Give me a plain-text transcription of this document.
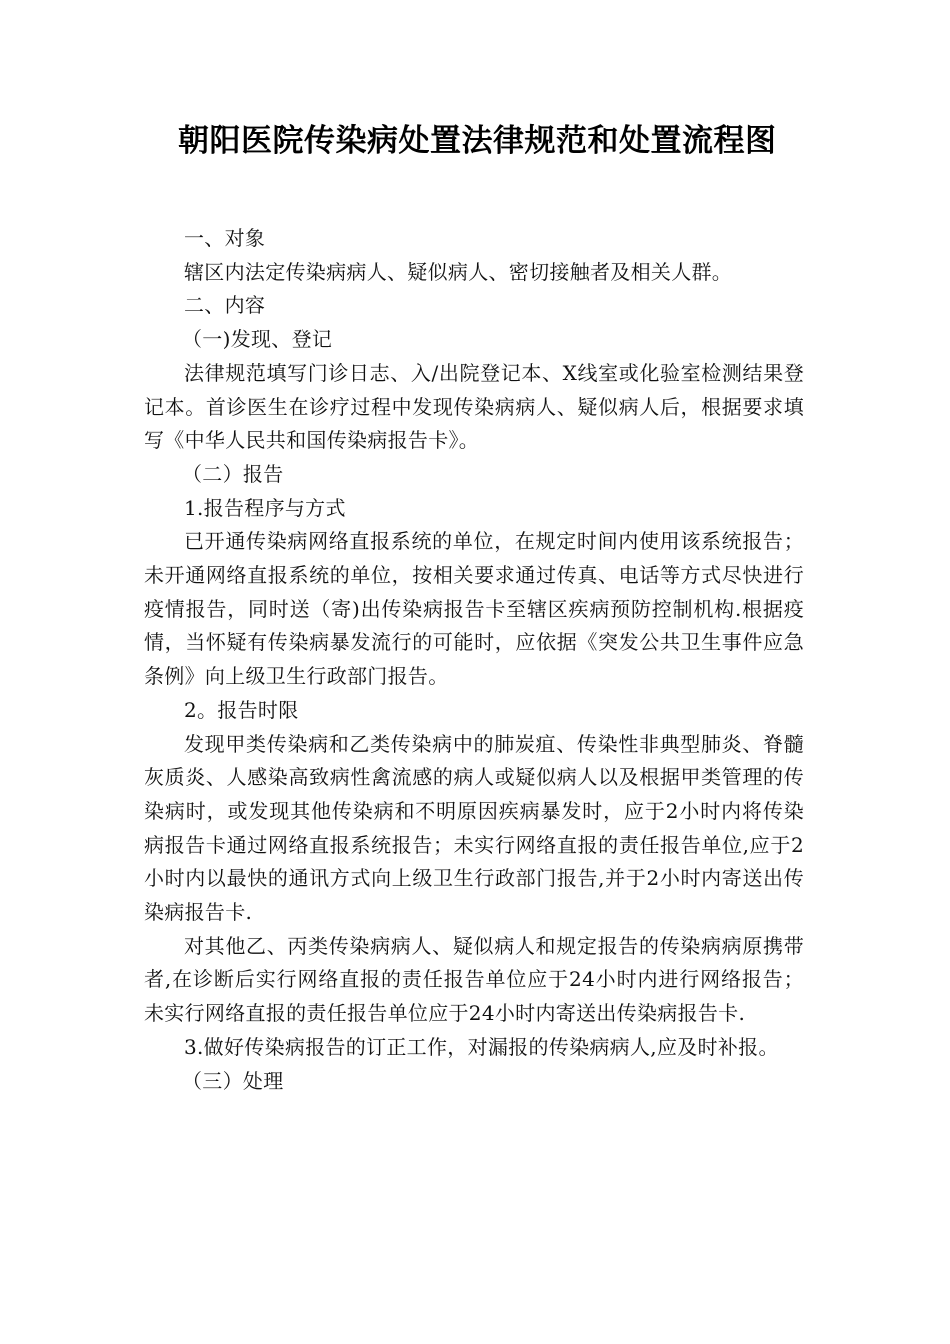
朝阳医院传染病处置法律规范和处置流程图

一、对象

辖区内法定传染病病人、疑似病人、密切接触者及相关人群。

二、内容

（一)发现、登记

法律规范填写门诊日志、入/出院登记本、X线室或化验室检测结果登记本。首诊医生在诊疗过程中发现传染病病人、疑似病人后，根据要求填写《中华人民共和国传染病报告卡》。

（二）报告

1.报告程序与方式

已开通传染病网络直报系统的单位，在规定时间内使用该系统报告；未开通网络直报系统的单位，按相关要求通过传真、电话等方式尽快进行疫情报告，同时送（寄)出传染病报告卡至辖区疾病预防控制机构.根据疫情，当怀疑有传染病暴发流行的可能时，应依据《突发公共卫生事件应急条例》向上级卫生行政部门报告。

2。报告时限

发现甲类传染病和乙类传染病中的肺炭疽、传染性非典型肺炎、脊髓灰质炎、人感染高致病性禽流感的病人或疑似病人以及根据甲类管理的传染病时，或发现其他传染病和不明原因疾病暴发时，应于2小时内将传染病报告卡通过网络直报系统报告；未实行网络直报的责任报告单位,应于2小时内以最快的通讯方式向上级卫生行政部门报告,并于2小时内寄送出传染病报告卡.

对其他乙、丙类传染病病人、疑似病人和规定报告的传染病病原携带者,在诊断后实行网络直报的责任报告单位应于24小时内进行网络报告；未实行网络直报的责任报告单位应于24小时内寄送出传染病报告卡.

3.做好传染病报告的订正工作，对漏报的传染病病人,应及时补报。

（三）处理
